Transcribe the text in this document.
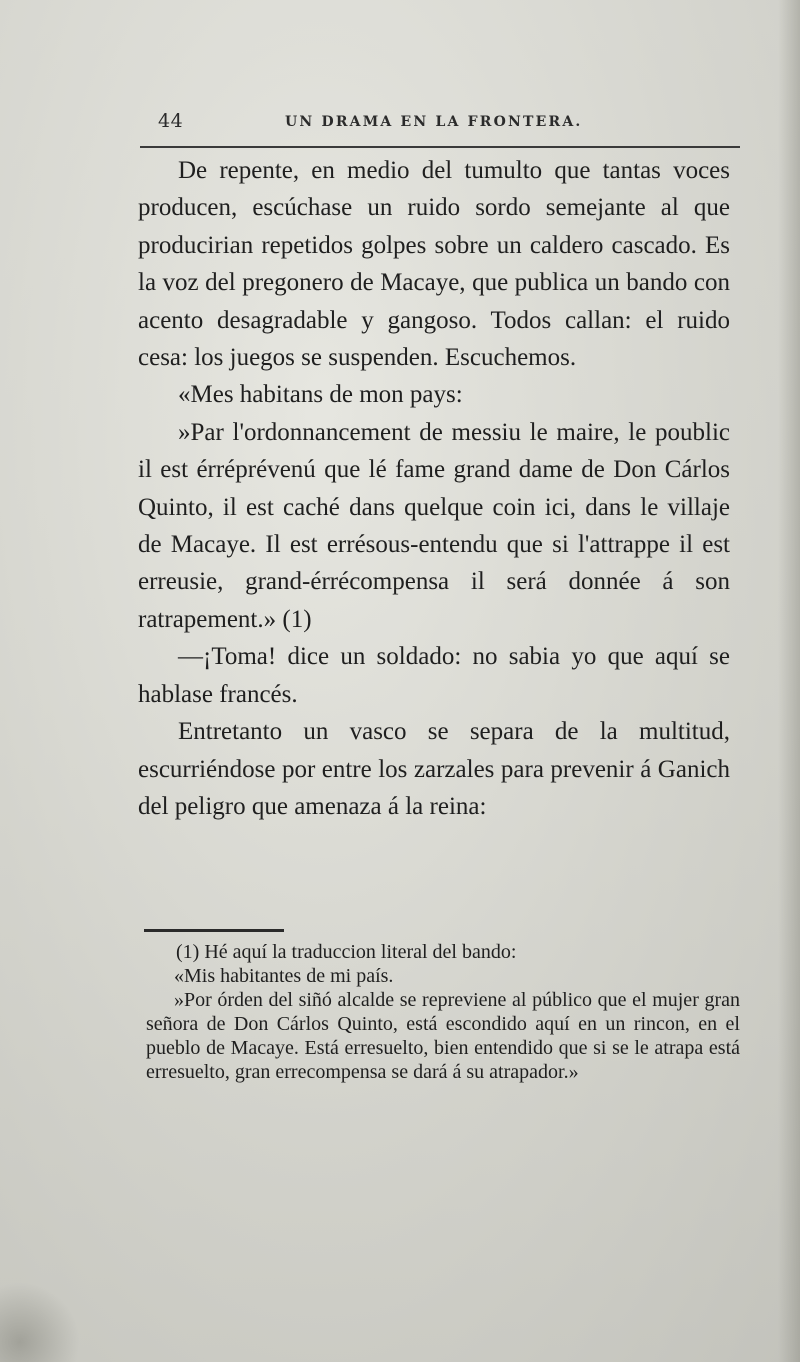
44	UN DRAMA EN LA FRONTERA.

De repente, en medio del tumulto que tantas voces producen, escúchase un ruido sordo semejante al que producirian repetidos golpes sobre un caldero cascado. Es la voz del pregonero de Macaye, que publica un bando con acento desagradable y gangoso. Todos callan: el ruido cesa: los juegos se suspenden. Escuchemos.

«Mes habitans de mon pays:

»Par l'ordonnancement de messiu le maire, le poublic il est érréprévenú que lé fame grand dame de Don Cárlos Quinto, il est caché dans quelque coin ici, dans le villaje de Macaye. Il est errésous-entendu que si l'attrappe il est erreusie, grand-érrécompensa il será donnée á son ratrapement.» (1)

—¡Toma! dice un soldado: no sabia yo que aquí se hablase francés.

Entretanto un vasco se separa de la multitud, escurriéndose por entre los zarzales para prevenir á Ganich del peligro que amenaza á la reina:

(1) Hé aquí la traduccion literal del bando:

«Mis habitantes de mi país.

»Por órden del siñó alcalde se repreviene al público que el mujer gran señora de Don Cárlos Quinto, está escondido aquí en un rincon, en el pueblo de Macaye. Está erresuelto, bien entendido que si se le atrapa está erresuelto, gran errecompensa se dará á su atrapador.»
